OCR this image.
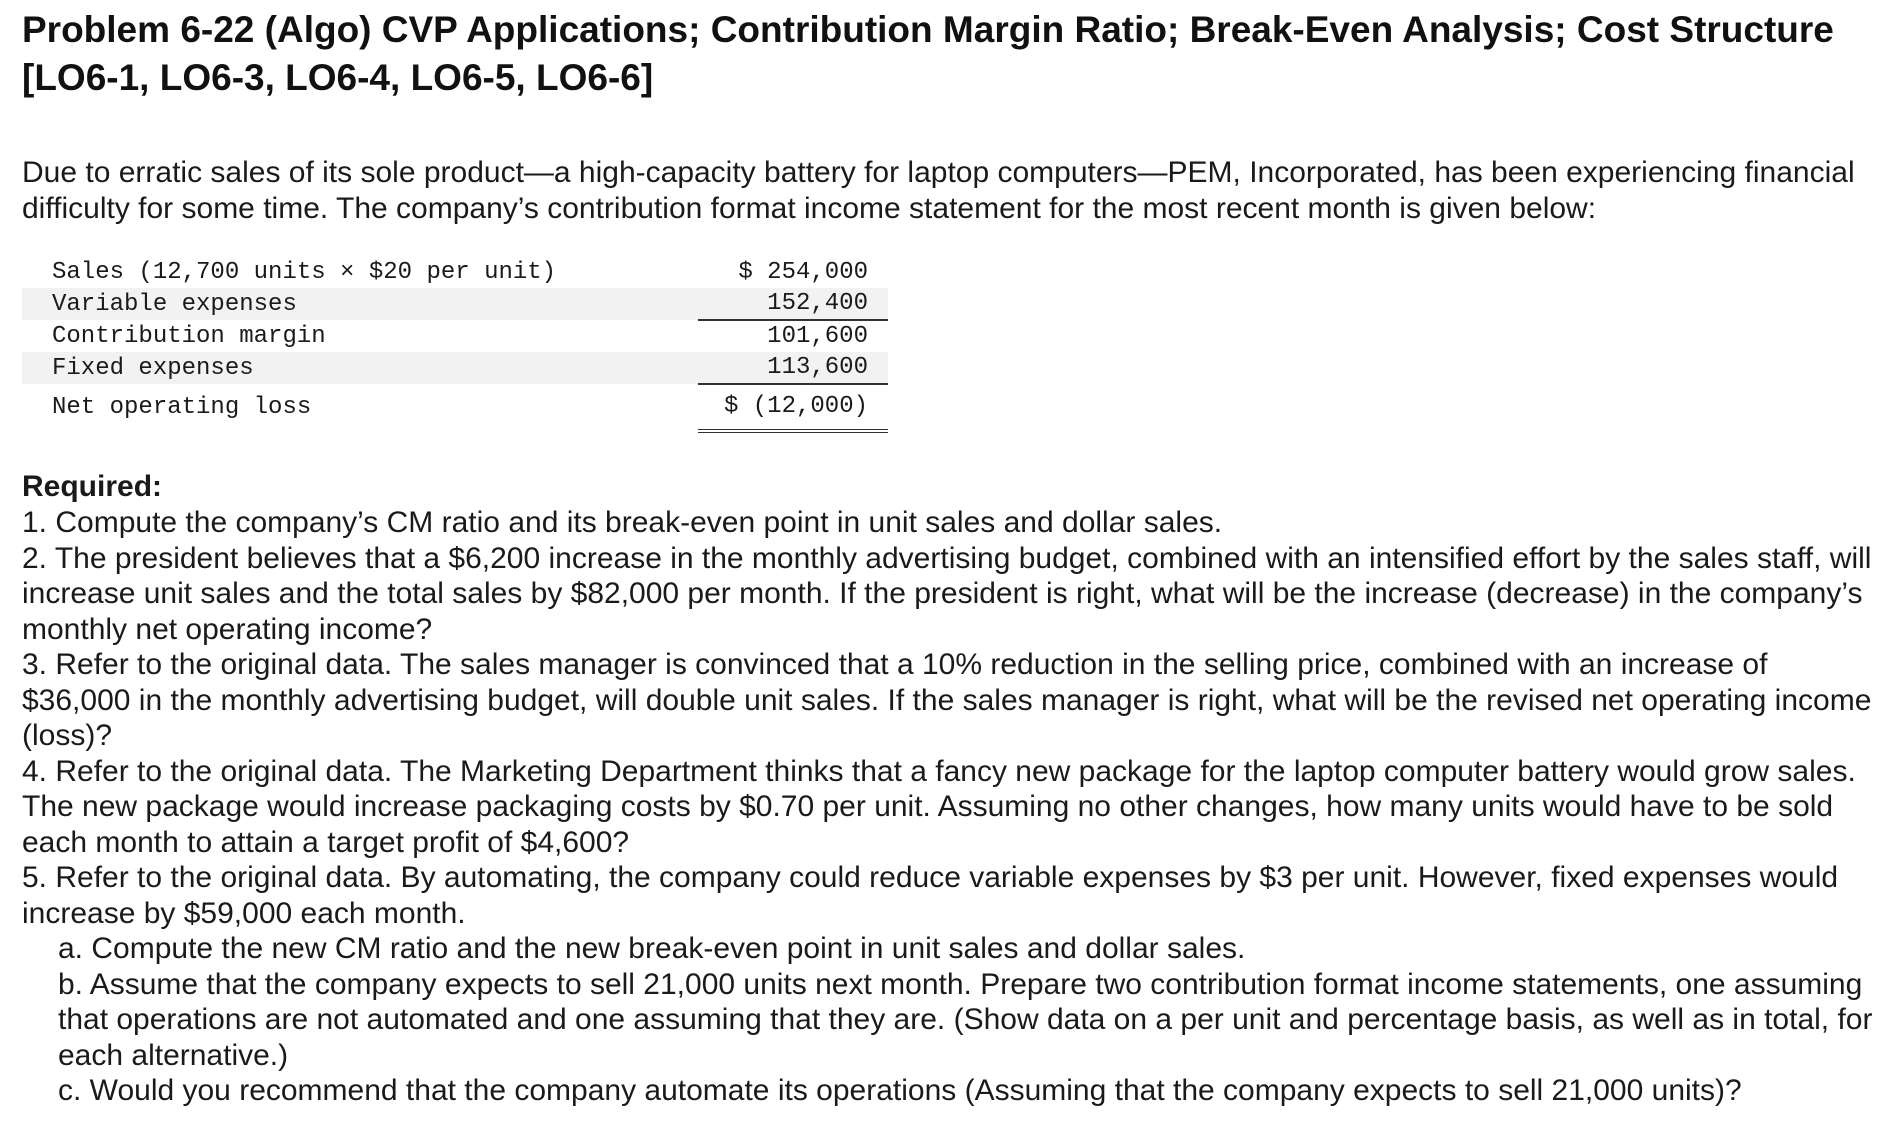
Problem 6-22 (Algo) CVP Applications; Contribution Margin Ratio; Break-Even Analysis; Cost Structure [LO6-1, LO6-3, LO6-4, LO6-5, LO6-6]

Due to erratic sales of its sole product—a high-capacity battery for laptop computers—PEM, Incorporated, has been experiencing financial difficulty for some time. The company’s contribution format income statement for the most recent month is given below:

Sales (12,700 units × $20 per unit)	$ 254,000
Variable expenses	152,400
Contribution margin	101,600
Fixed expenses	113,600
Net operating loss	$ (12,000)
Required:

1. Compute the company’s CM ratio and its break-even point in unit sales and dollar sales.

2. The president believes that a $6,200 increase in the monthly advertising budget, combined with an intensified effort by the sales staff, will increase unit sales and the total sales by $82,000 per month. If the president is right, what will be the increase (decrease) in the company’s monthly net operating income?

3. Refer to the original data. The sales manager is convinced that a 10% reduction in the selling price, combined with an increase of $36,000 in the monthly advertising budget, will double unit sales. If the sales manager is right, what will be the revised net operating income (loss)?

4. Refer to the original data. The Marketing Department thinks that a fancy new package for the laptop computer battery would grow sales. The new package would increase packaging costs by $0.70 per unit. Assuming no other changes, how many units would have to be sold each month to attain a target profit of $4,600?

5. Refer to the original data. By automating, the company could reduce variable expenses by $3 per unit. However, fixed expenses would increase by $59,000 each month.

a. Compute the new CM ratio and the new break-even point in unit sales and dollar sales.

b. Assume that the company expects to sell 21,000 units next month. Prepare two contribution format income statements, one assuming that operations are not automated and one assuming that they are. (Show data on a per unit and percentage basis, as well as in total, for each alternative.)

c. Would you recommend that the company automate its operations (Assuming that the company expects to sell 21,000 units)?
